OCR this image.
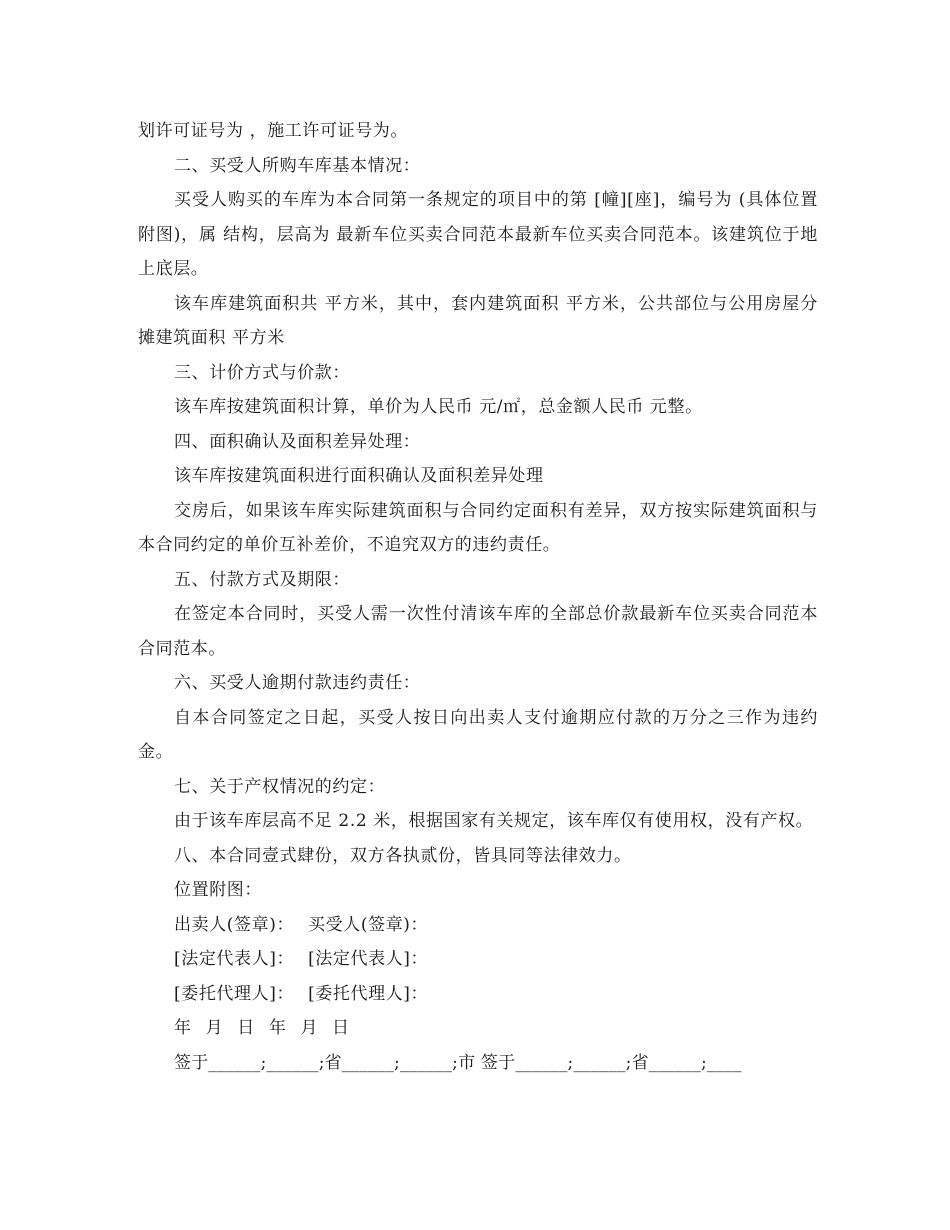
划许可证号为 ，施工许可证号为。

二、买受人所购车库基本情况：

买受人购买的车库为本合同第一条规定的项目中的第 [幢][座]，编号为 (具体位置附图)，属 结构，层高为 最新车位买卖合同范本最新车位买卖合同范本。该建筑位于地上底层。

该车库建筑面积共 平方米，其中，套内建筑面积 平方米，公共部位与公用房屋分摊建筑面积 平方米

三、计价方式与价款：

该车库按建筑面积计算，单价为人民币 元/㎡，总金额人民币 元整。

四、面积确认及面积差异处理：

该车库按建筑面积进行面积确认及面积差异处理

交房后，如果该车库实际建筑面积与合同约定面积有差异，双方按实际建筑面积与本合同约定的单价互补差价，不追究双方的违约责任。

五、付款方式及期限：

在签定本合同时，买受人需一次性付清该车库的全部总价款最新车位买卖合同范本合同范本。

六、买受人逾期付款违约责任：

自本合同签定之日起，买受人按日向出卖人支付逾期应付款的万分之三作为违约金。

七、关于产权情况的约定：

由于该车库层高不足 2.2 米，根据国家有关规定，该车库仅有使用权，没有产权。

八、本合同壹式肆份，双方各执贰份，皆具同等法律效力。

位置附图：

出卖人(签章)： 买受人(签章)：
[法定代表人]： [法定代表人]：
[委托代理人]： [委托代理人]：
年 月 日 年 月 日
签于______;______;省______;______;市 签于______;______;省______;____
